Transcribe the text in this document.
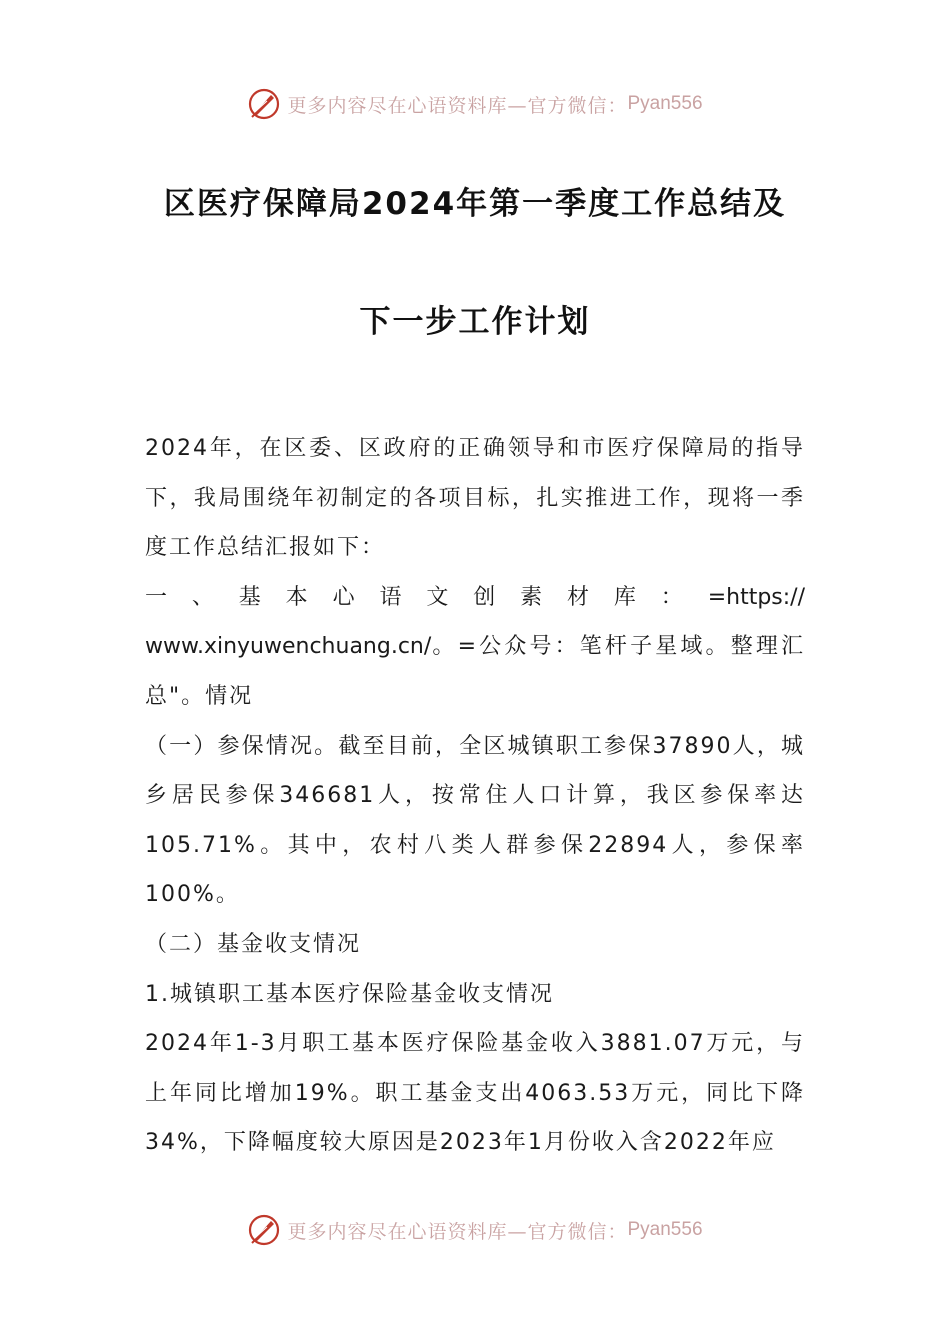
更多内容尽在心语资料库—官方微信： Pyan556
区医疗保障局2024年第一季度工作总结及
下一步工作计划

2024年，在区委、区政府的正确领导和市医疗保障局的指导下，我局围绕年初制定的各项目标，扎实推进工作，现将一季度工作总结汇报如下：

一、基本心语文创素材库：=https://
www.xinyuwenchuang.cn/。=公众号：笔杆子星域。整理汇总"。情况

（一）参保情况。截至目前，全区城镇职工参保37890人，城乡居民参保346681人，按常住人口计算，我区参保率达105.71%。其中，农村八类人群参保22894人，参保率100%。

（二）基金收支情况

1.城镇职工基本医疗保险基金收支情况

2024年1-3月职工基本医疗保险基金收入3881.07万元，与上年同比增加19%。职工基金支出4063.53万元，同比下降34%，下降幅度较大原因是2023年1月份收入含2022年应

更多内容尽在心语资料库—官方微信： Pyan556
